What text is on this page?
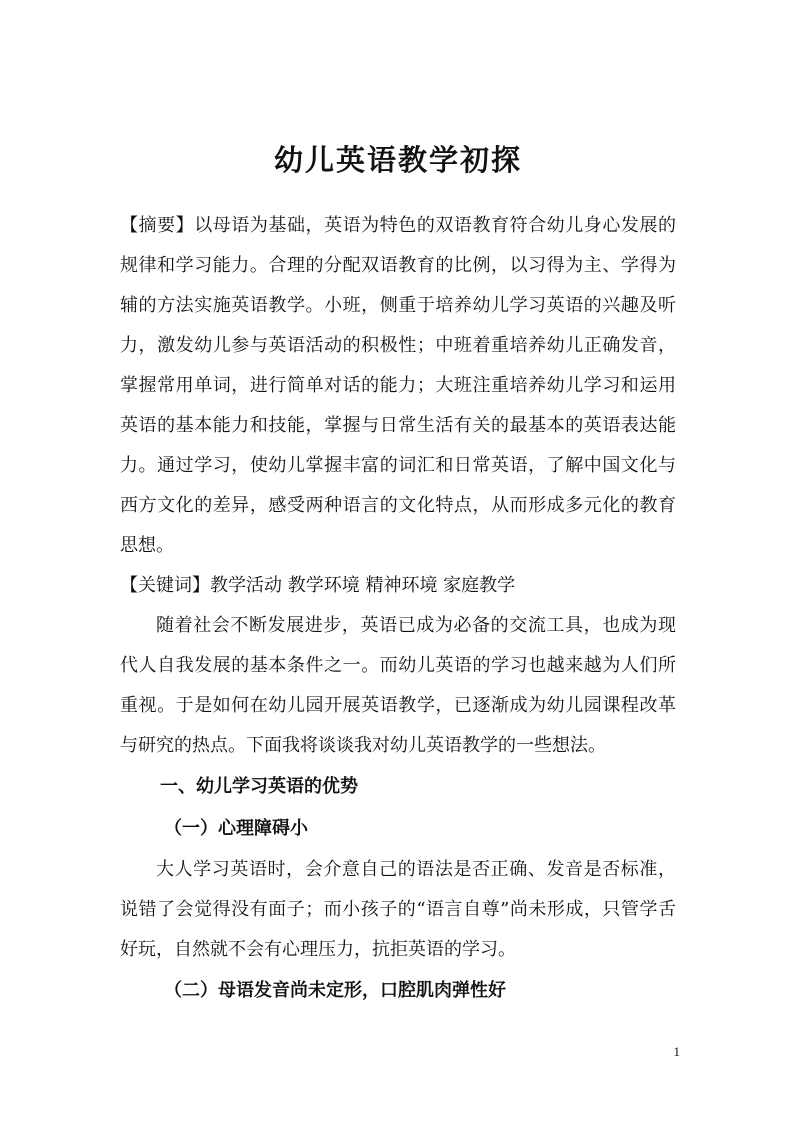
幼儿英语教学初探

【摘要】以母语为基础，英语为特色的双语教育符合幼儿身心发展的规律和学习能力。合理的分配双语教育的比例，以习得为主、学得为辅的方法实施英语教学。小班，侧重于培养幼儿学习英语的兴趣及听力，激发幼儿参与英语活动的积极性；中班着重培养幼儿正确发音，掌握常用单词，进行简单对话的能力；大班注重培养幼儿学习和运用英语的基本能力和技能，掌握与日常生活有关的最基本的英语表达能力。通过学习，使幼儿掌握丰富的词汇和日常英语，了解中国文化与西方文化的差异，感受两种语言的文化特点，从而形成多元化的教育思想。

【关键词】教学活动 教学环境 精神环境 家庭教学

随着社会不断发展进步，英语已成为必备的交流工具，也成为现代人自我发展的基本条件之一。而幼儿英语的学习也越来越为人们所重视。于是如何在幼儿园开展英语教学，已逐渐成为幼儿园课程改革与研究的热点。下面我将谈谈我对幼儿英语教学的一些想法。

一、幼儿学习英语的优势

（一）心理障碍小

大人学习英语时，会介意自己的语法是否正确、发音是否标准，说错了会觉得没有面子；而小孩子的“语言自尊”尚未形成，只管学舌好玩，自然就不会有心理压力，抗拒英语的学习。

（二）母语发音尚未定形，口腔肌肉弹性好

1
